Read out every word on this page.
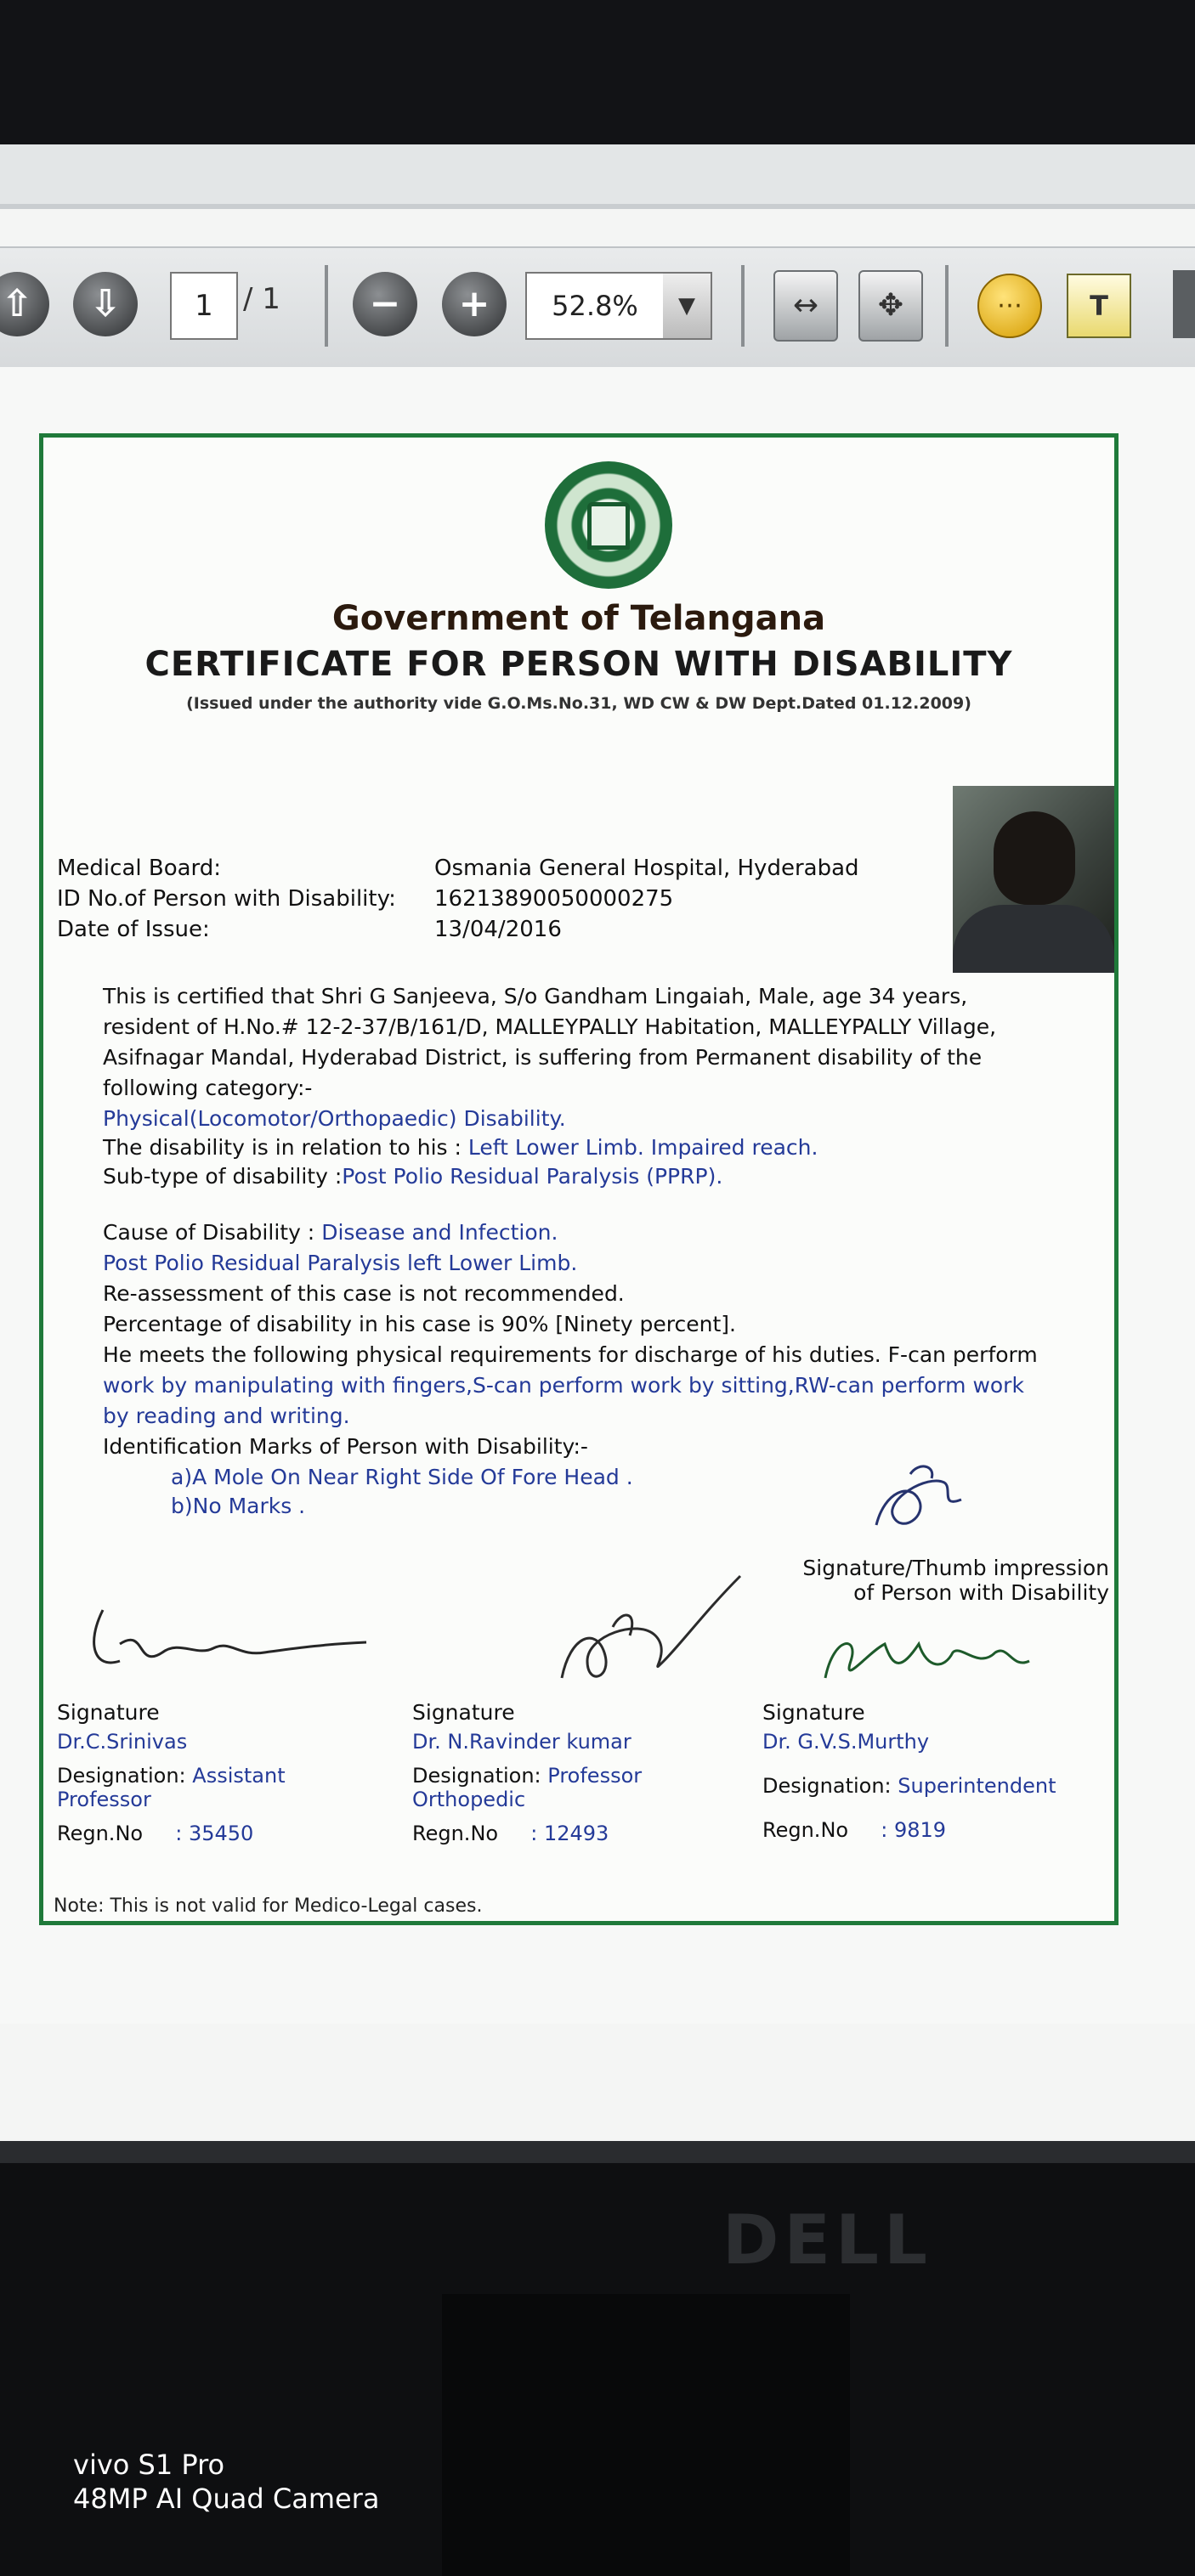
⇧	⇩	1	/ 1	−	+	52.8%	▼	↔	✥	⋯	T
Government of Telangana
CERTIFICATE FOR PERSON WITH DISABILITY
(Issued under the authority vide G.O.Ms.No.31, WD CW & DW Dept.Dated 01.12.2009)
Medical Board:	Osmania General Hospital, Hyderabad
ID No.of Person with Disability: 16213890050000275
Date of Issue:	13/04/2016
This is certified that Shri G Sanjeeva, S/o Gandham Lingaiah, Male, age 34 years,
resident of H.No.# 12-2-37/B/161/D, MALLEYPALLY Habitation, MALLEYPALLY Village,
Asifnagar Mandal, Hyderabad District, is suffering from Permanent disability of the
following category:-
Physical(Locomotor/Orthopaedic) Disability.
The disability is in relation to his : Left Lower Limb. Impaired reach.
Sub-type of disability :Post Polio Residual Paralysis (PPRP).
Cause of Disability : Disease and Infection.
Post Polio Residual Paralysis left Lower Limb.
Re-assessment of this case is not recommended.
Percentage of disability in his case is 90% [Ninety percent].
He meets the following physical requirements for discharge of his duties. F-can perform
work by manipulating with fingers,S-can perform work by sitting,RW-can perform work
by reading and writing.
Identification Marks of Person with Disability:-
a)A Mole On Near Right Side Of Fore Head .
b)No Marks .
Signature/Thumb impression
of Person with Disability
Signature
Dr.C.Srinivas
Designation: Assistant
Professor
Regn.No : 35450
Signature
Dr. N.Ravinder kumar
Designation: Professor
Orthopedic
Regn.No : 12493
Signature
Dr. G.V.S.Murthy
Designation: Superintendent
Regn.No : 9819
Note: This is not valid for Medico-Legal cases.
DELL
vivo S1 Pro
48MP AI Quad Camera
